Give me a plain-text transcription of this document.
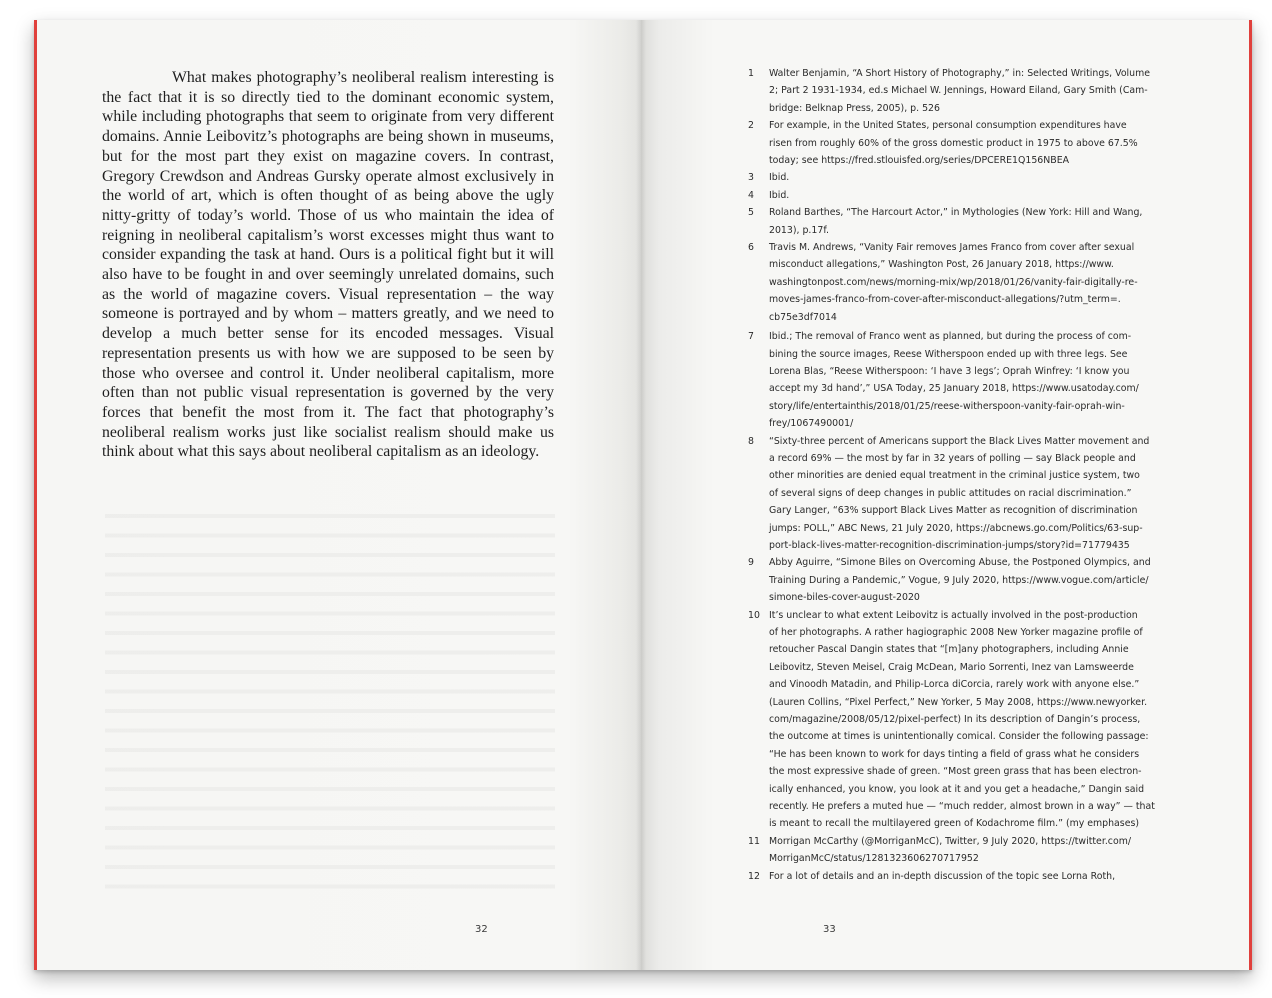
What makes photography’s neoliberal realism interesting is the fact that it is so directly tied to the dominant economic system, while including photographs that seem to originate from very different domains. Annie Leibovitz’s photographs are being shown in museums, but for the most part they exist on magazine covers. In contrast, Gregory Crewdson and Andreas Gursky operate almost exclusively in the world of art, which is often thought of as being above the ugly nitty-gritty of today’s world. Those of us who maintain the idea of reigning in neoliberal capitalism’s worst excesses might thus want to consider expanding the task at hand. Ours is a political fight but it will also have to be fought in and over seemingly unrelated domains, such as the world of magazine covers. Visual representation – the way someone is portrayed and by whom – matters greatly, and we need to develop a much better sense for its encoded messages. Visual representation presents us with how we are supposed to be seen by those who oversee and control it. Under neoliberal capitalism, more often than not public visual representation is governed by the very forces that benefit the most from it. The fact that photography’s neoliberal realism works just like socialist realism should make us think about what this says about neoliberal capitalism as an ideology.

32
1 Walter Benjamin, “A Short History of Photography,” in: Selected Writings, Volume
2; Part 2 1931-1934, ed.s Michael W. Jennings, Howard Eiland, Gary Smith (Cam-
bridge: Belknap Press, 2005), p. 526
2 For example, in the United States, personal consumption expenditures have
risen from roughly 60% of the gross domestic product in 1975 to above 67.5%
today; see https://fred.stlouisfed.org/series/DPCERE1Q156NBEA
3 Ibid.
4 Ibid.
5 Roland Barthes, “The Harcourt Actor,” in Mythologies (New York: Hill and Wang,
2013), p.17f.
6 Travis M. Andrews, “Vanity Fair removes James Franco from cover after sexual
misconduct allegations,” Washington Post, 26 January 2018, https://www.
washingtonpost.com/news/morning-mix/wp/2018/01/26/vanity-fair-digitally-re-
moves-james-franco-from-cover-after-misconduct-allegations/?utm_term=.
cb75e3df7014
7 Ibid.; The removal of Franco went as planned, but during the process of com-
bining the source images, Reese Witherspoon ended up with three legs. See
Lorena Blas, “Reese Witherspoon: ‘I have 3 legs’; Oprah Winfrey: ‘I know you
accept my 3d hand’,” USA Today, 25 January 2018, https://www.usatoday.com/
story/life/entertainthis/2018/01/25/reese-witherspoon-vanity-fair-oprah-win-
frey/1067490001/
8 “Sixty-three percent of Americans support the Black Lives Matter movement and
a record 69% — the most by far in 32 years of polling — say Black people and
other minorities are denied equal treatment in the criminal justice system, two
of several signs of deep changes in public attitudes on racial discrimination.”
Gary Langer, “63% support Black Lives Matter as recognition of discrimination
jumps: POLL,” ABC News, 21 July 2020, https://abcnews.go.com/Politics/63-sup-
port-black-lives-matter-recognition-discrimination-jumps/story?id=71779435
9 Abby Aguirre, “Simone Biles on Overcoming Abuse, the Postponed Olympics, and
Training During a Pandemic,” Vogue, 9 July 2020, https://www.vogue.com/article/
simone-biles-cover-august-2020
10 It’s unclear to what extent Leibovitz is actually involved in the post-production
of her photographs. A rather hagiographic 2008 New Yorker magazine profile of
retoucher Pascal Dangin states that “[m]any photographers, including Annie
Leibovitz, Steven Meisel, Craig McDean, Mario Sorrenti, Inez van Lamsweerde
and Vinoodh Matadin, and Philip-Lorca diCorcia, rarely work with anyone else.”
(Lauren Collins, “Pixel Perfect,” New Yorker, 5 May 2008, https://www.newyorker.
com/magazine/2008/05/12/pixel-perfect) In its description of Dangin’s process,
the outcome at times is unintentionally comical. Consider the following passage:
“He has been known to work for days tinting a field of grass what he considers
the most expressive shade of green. “Most green grass that has been electron-
ically enhanced, you know, you look at it and you get a headache,” Dangin said
recently. He prefers a muted hue — “much redder, almost brown in a way” — that
is meant to recall the multilayered green of Kodachrome film.” (my emphases)
11 Morrigan McCarthy (@MorriganMcC), Twitter, 9 July 2020, https://twitter.com/
MorriganMcC/status/1281323606270717952
12 For a lot of details and an in-depth discussion of the topic see Lorna Roth,
33
